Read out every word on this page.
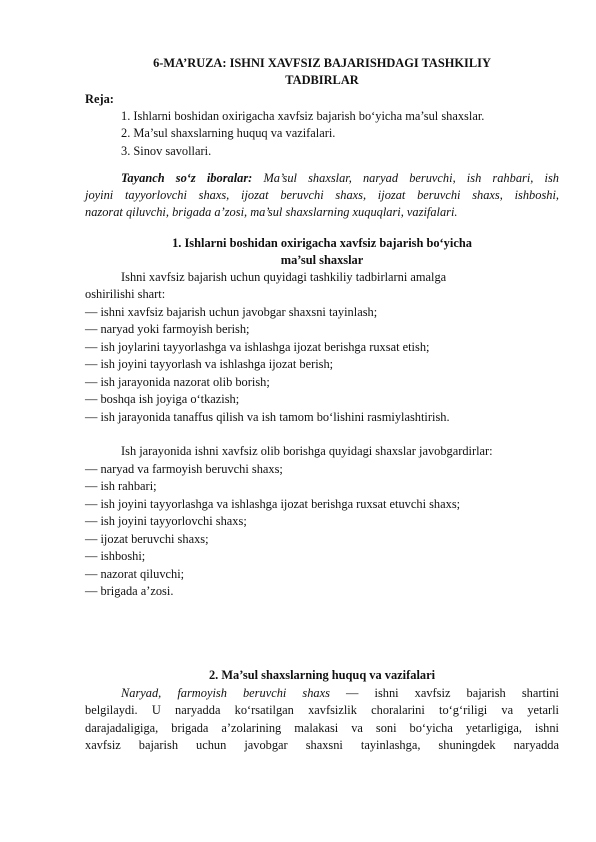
6-MA’RUZA: ISHNI XAVFSIZ BAJARISHDAGI TASHKILIY
TADBIRLAR
Reja:
1. Ishlarni boshidan oxirigacha xavfsiz bajarish bo‘yicha ma’sul shaxslar.
2. Ma’sul shaxslarning huquq va vazifalari.
3. Sinov savollari.
Tayanch so‘z iboralar: Ma’sul shaxslar, naryad beruvchi, ish rahbari, ish
joyini tayyorlovchi shaxs, ijozat beruvchi shaxs, ijozat beruvchi shaxs, ishboshi,
nazorat qiluvchi, brigada a’zosi, ma’sul shaxslarning xuquqlari, vazifalari.
1. Ishlarni boshidan oxirigacha xavfsiz bajarish bo‘yicha
ma’sul shaxslar
Ishni xavfsiz bajarish uchun quyidagi tashkiliy tadbirlarni amalga
oshirilishi shart:
— ishni xavfsiz bajarish uchun javobgar shaxsni tayinlash;
— naryad yoki farmoyish berish;
— ish joylarini tayyorlashga va ishlashga ijozat berishga ruxsat etish;
— ish joyini tayyorlash va ishlashga ijozat berish;
— ish jarayonida nazorat olib borish;
— boshqa ish joyiga o‘tkazish;
— ish jarayonida tanaffus qilish va ish tamom bo‘lishini rasmiylashtirish.
Ish jarayonida ishni xavfsiz olib borishga quyidagi shaxslar javobgardirlar:
— naryad va farmoyish beruvchi shaxs;
— ish rahbari;
— ish joyini tayyorlashga va ishlashga ijozat berishga ruxsat etuvchi shaxs;
— ish joyini tayyorlovchi shaxs;
— ijozat beruvchi shaxs;
— ishboshi;
— nazorat qiluvchi;
— brigada a’zosi.
2. Ma’sul shaxslarning huquq va vazifalari
Naryad, farmoyish beruvchi shaxs — ishni xavfsiz bajarish shartini
belgilaydi. U naryadda ko‘rsatilgan xavfsizlik choralarini to‘g‘riligi va yetarli
darajadaligiga, brigada a’zolarining malakasi va soni bo‘yicha yetarligiga, ishni
xavfsiz bajarish uchun javobgar shaxsni tayinlashga, shuningdek naryadda
